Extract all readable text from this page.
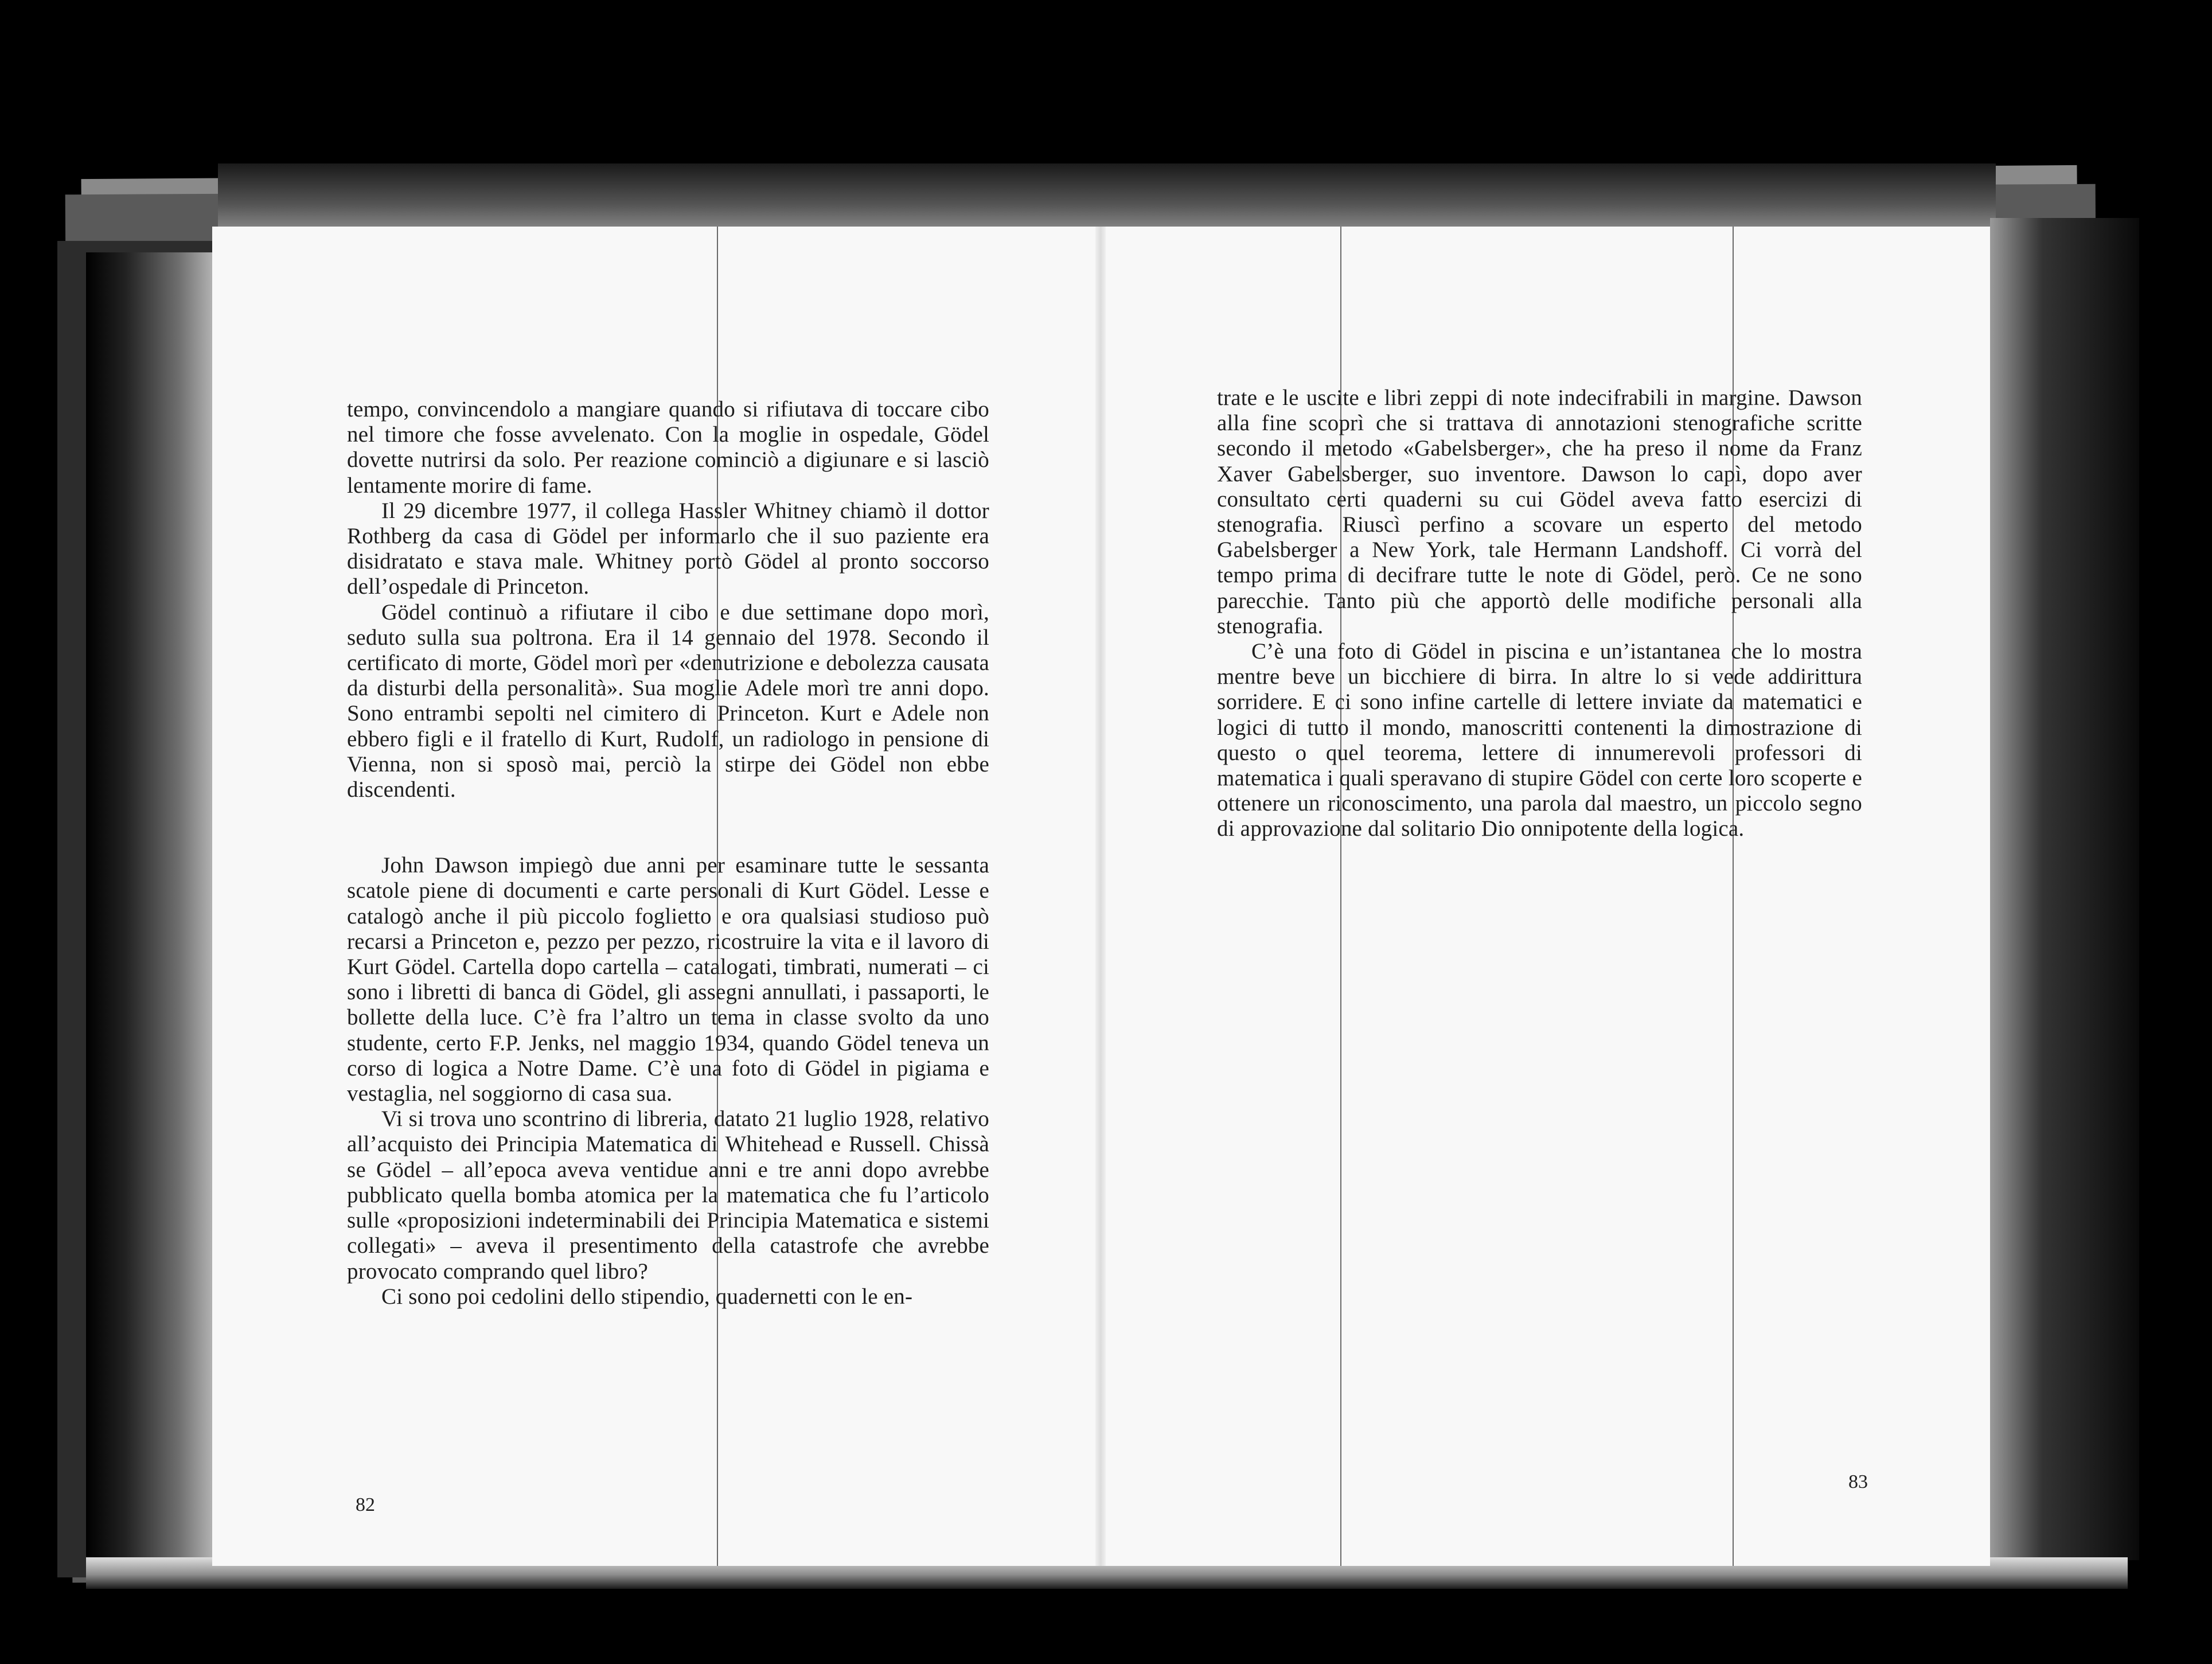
tempo, convincendolo a mangiare quando si rifiutava di toccare cibo nel timore che fosse avvelenato. Con la moglie in ospedale, Gödel dovette nutrirsi da solo. Per reazione cominciò a digiunare e si lasciò lentamente morire di fame.

Il 29 dicembre 1977, il collega Hassler Whitney chiamò il dottor Rothberg da casa di Gödel per informarlo che il suo paziente era disidratato e stava male. Whitney portò Gödel al pronto soccorso dell’ospedale di Princeton.

Gödel continuò a rifiutare il cibo e due settimane dopo morì, seduto sulla sua poltrona. Era il 14 gennaio del 1978. Secondo il certificato di morte, Gödel morì per «denutrizione e debolezza causata da disturbi della personalità». Sua moglie Adele morì tre anni dopo. Sono entrambi sepolti nel cimitero di Princeton. Kurt e Adele non ebbero figli e il fratello di Kurt, Rudolf, un radiologo in pensione di Vienna, non si sposò mai, perciò la stirpe dei Gödel non ebbe discendenti.

John Dawson impiegò due anni per esaminare tutte le sessanta scatole piene di documenti e carte personali di Kurt Gödel. Lesse e catalogò anche il più piccolo foglietto e ora qualsiasi studioso può recarsi a Princeton e, pezzo per pezzo, ricostruire la vita e il lavoro di Kurt Gödel. Cartella dopo cartella – catalogati, timbrati, numerati – ci sono i libretti di banca di Gödel, gli assegni annullati, i passaporti, le bollette della luce. C’è fra l’altro un tema in classe svolto da uno studente, certo F.P. Jenks, nel maggio 1934, quando Gödel teneva un corso di logica a Notre Dame. C’è una foto di Gödel in pigiama e vestaglia, nel soggiorno di casa sua.

Vi si trova uno scontrino di libreria, datato 21 luglio 1928, relativo all’acquisto dei Principia Matematica di Whitehead e Russell. Chissà se Gödel – all’epoca aveva ventidue anni e tre anni dopo avrebbe pubblicato quella bomba atomica per la matematica che fu l’articolo sulle «proposizioni indeterminabili dei Principia Matematica e sistemi collegati» – aveva il presentimento della catastrofe che avrebbe provocato comprando quel libro?

Ci sono poi cedolini dello stipendio, quadernetti con le en-

82

trate e le uscite e libri zeppi di note indecifrabili in margine. Dawson alla fine scoprì che si trattava di annotazioni stenografiche scritte secondo il metodo «Gabelsberger», che ha preso il nome da Franz Xaver Gabelsberger, suo inventore. Dawson lo capì, dopo aver consultato certi quaderni su cui Gödel aveva fatto esercizi di stenografia. Riuscì perfino a scovare un esperto del metodo Gabelsberger a New York, tale Hermann Landshoff. Ci vorrà del tempo prima di decifrare tutte le note di Gödel, però. Ce ne sono parecchie. Tanto più che apportò delle modifiche personali alla stenografia.

C’è una foto di Gödel in piscina e un’istantanea che lo mostra mentre beve un bicchiere di birra. In altre lo si vede addirittura sorridere. E ci sono infine cartelle di lettere inviate da matematici e logici di tutto il mondo, manoscritti contenenti la dimostrazione di questo o quel teorema, lettere di innumerevoli professori di matematica i quali speravano di stupire Gödel con certe loro scoperte e ottenere un riconoscimento, una parola dal maestro, un piccolo segno di approvazione dal solitario Dio onnipotente della logica.

83
